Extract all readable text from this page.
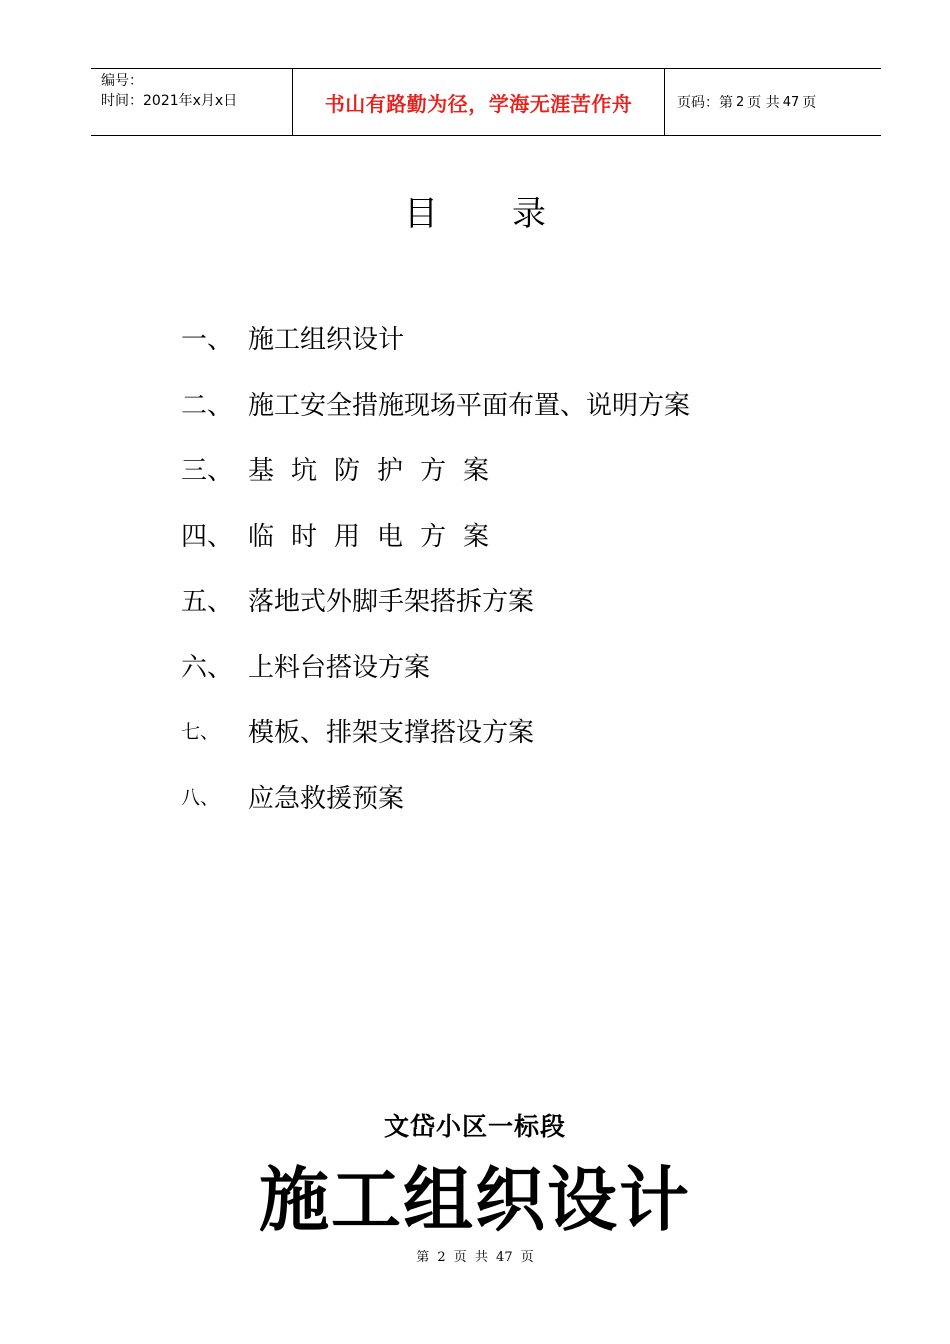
编号：
时间：2021年x月x日	书山有路勤为径，学海无涯苦作舟	页码：第 2 页 共 47 页
目 录
一、 施工组织设计
二、 施工安全措施现场平面布置、说明方案
三、 基坑防护方案
四、 临时用电方案
五、 落地式外脚手架搭拆方案
六、 上料台搭设方案
七、	模板、排架支撑搭设方案
八、	应急救援预案
文岱小区一标段
施工组织设计
第 2 页 共 47 页
